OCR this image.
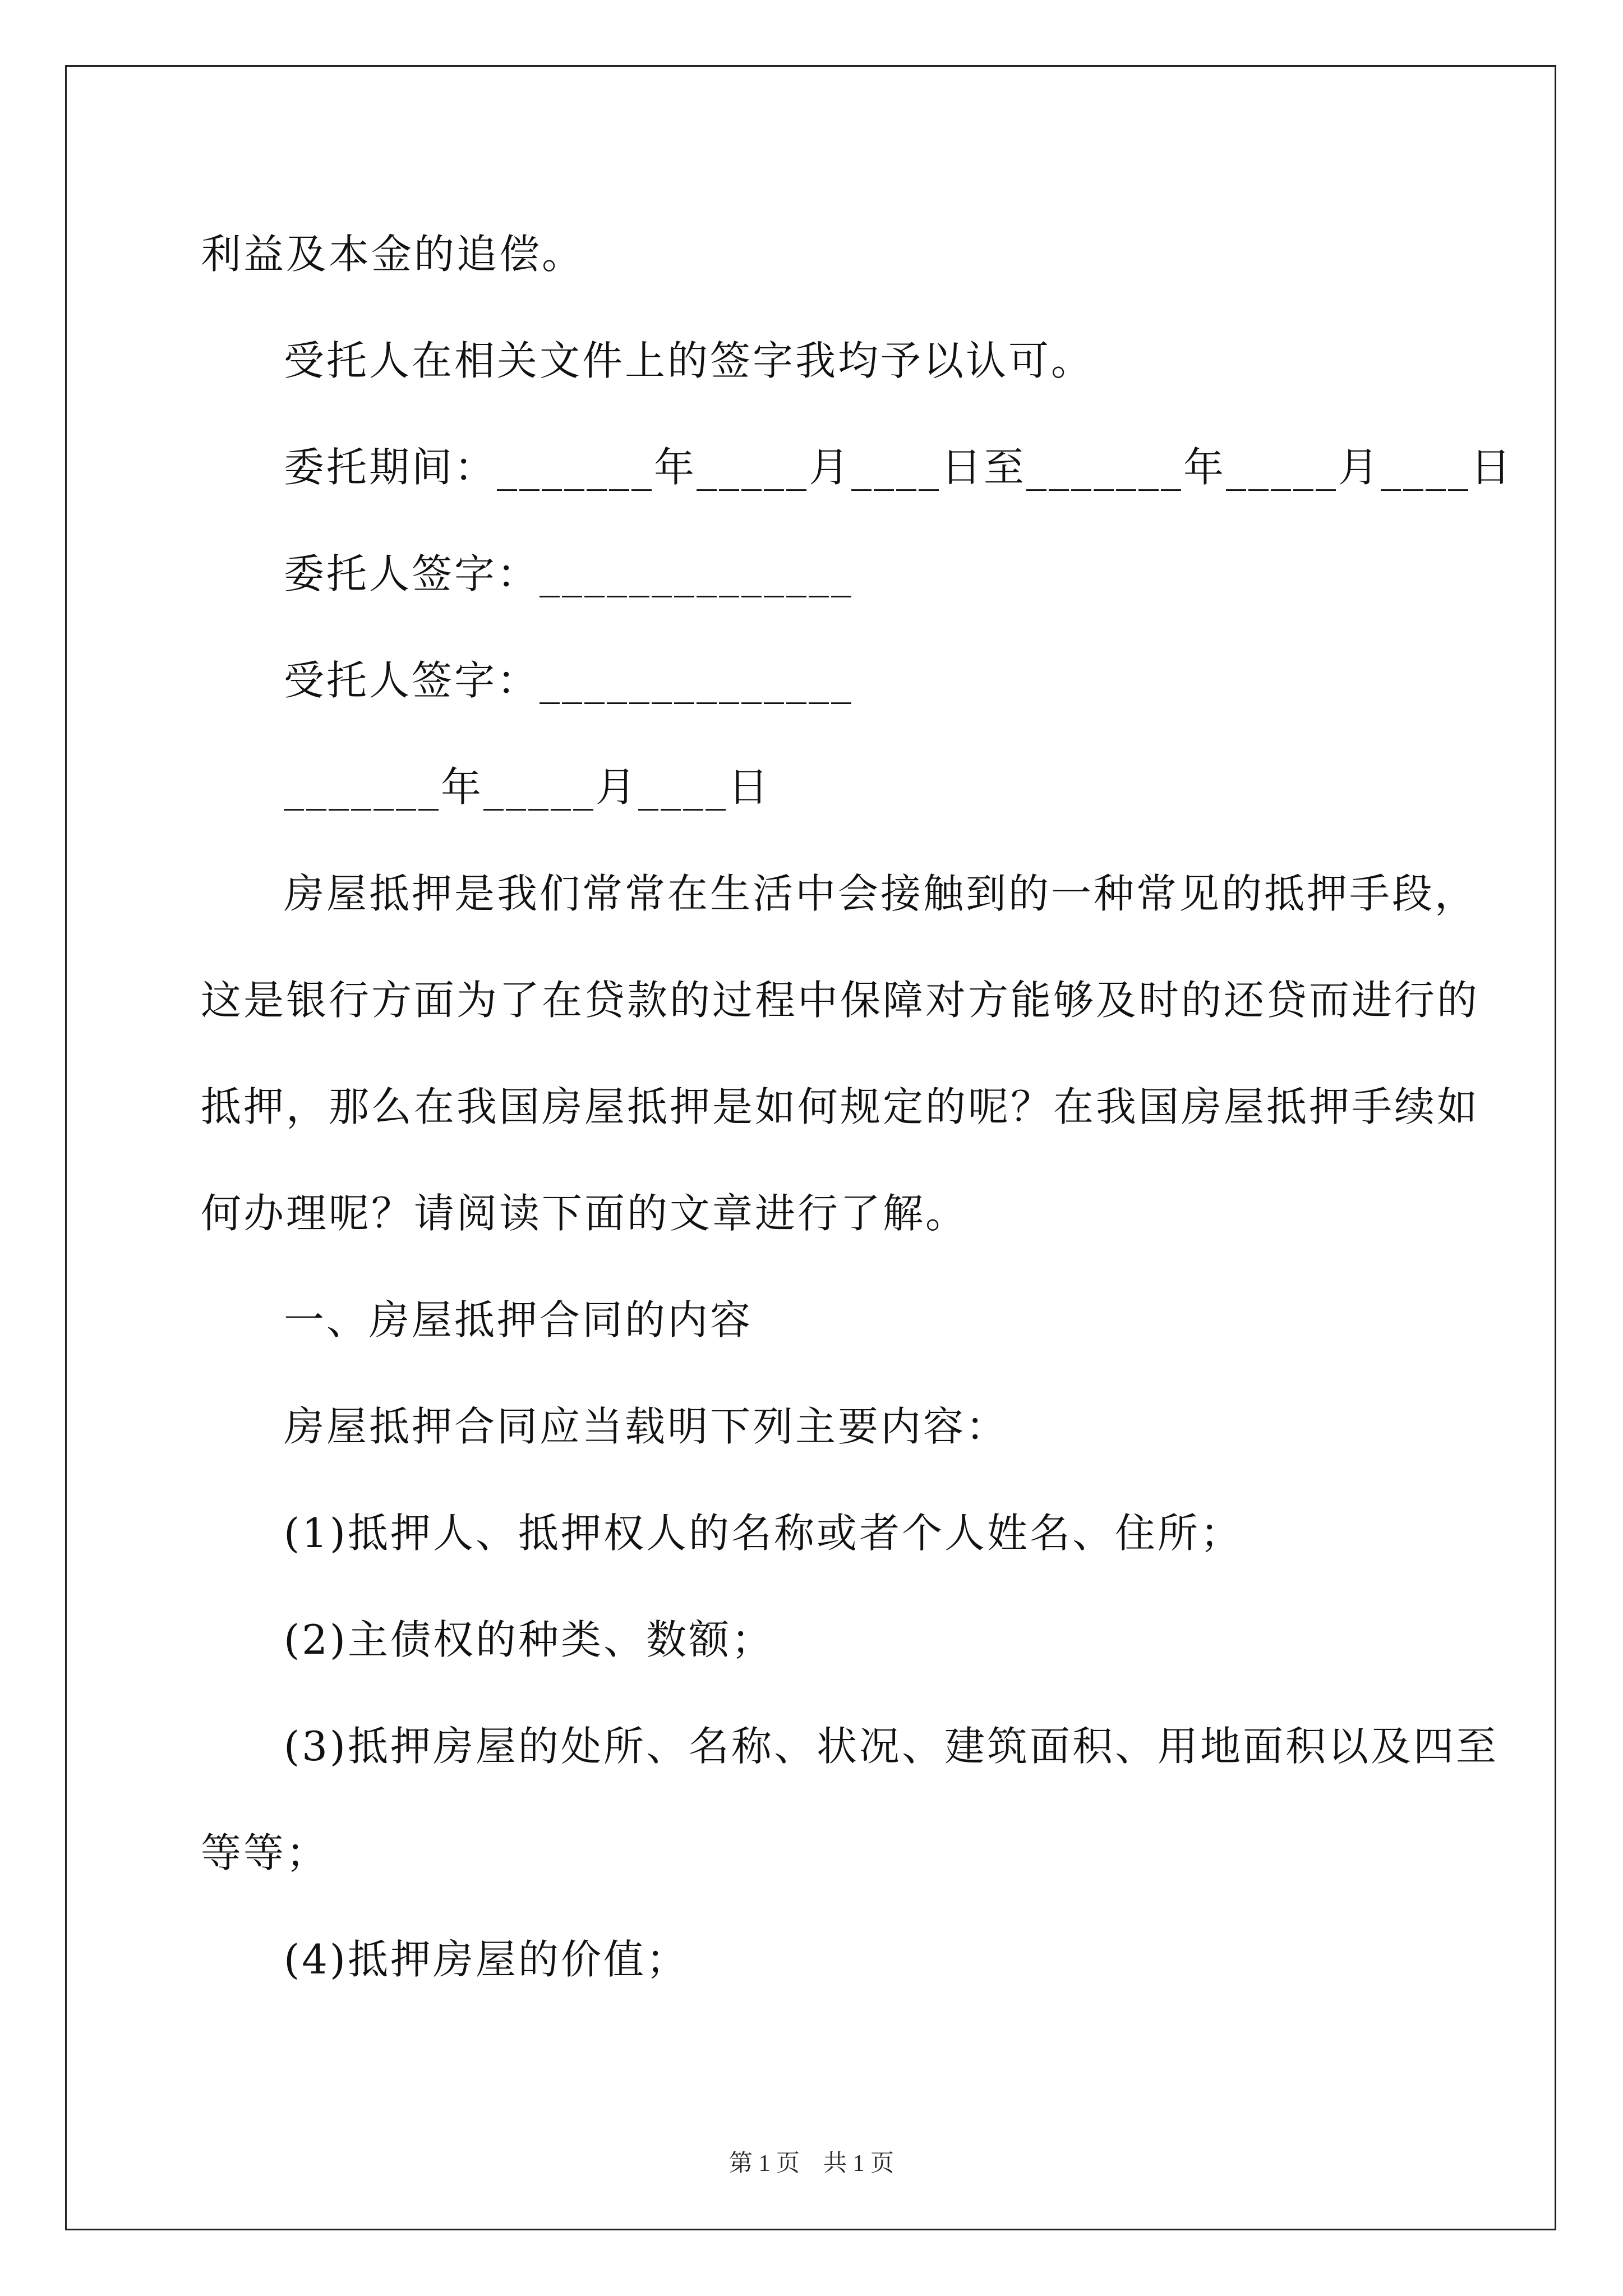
利益及本金的追偿。
受托人在相关文件上的签字我均予以认可。
委托期间：_______年_____月____日至_______年_____月____日
委托人签字：______________
受托人签字：______________
_______年_____月____日
房屋抵押是我们常常在生活中会接触到的一种常见的抵押手段，
这是银行方面为了在贷款的过程中保障对方能够及时的还贷而进行的
抵押，那么在我国房屋抵押是如何规定的呢？在我国房屋抵押手续如
何办理呢？请阅读下面的文章进行了解。
一、房屋抵押合同的内容
房屋抵押合同应当载明下列主要内容：
(1)抵押人、抵押权人的名称或者个人姓名、住所；
(2)主债权的种类、数额；
(3)抵押房屋的处所、名称、状况、建筑面积、用地面积以及四至
等等；
(4)抵押房屋的价值；
第 1 页　共 1 页
